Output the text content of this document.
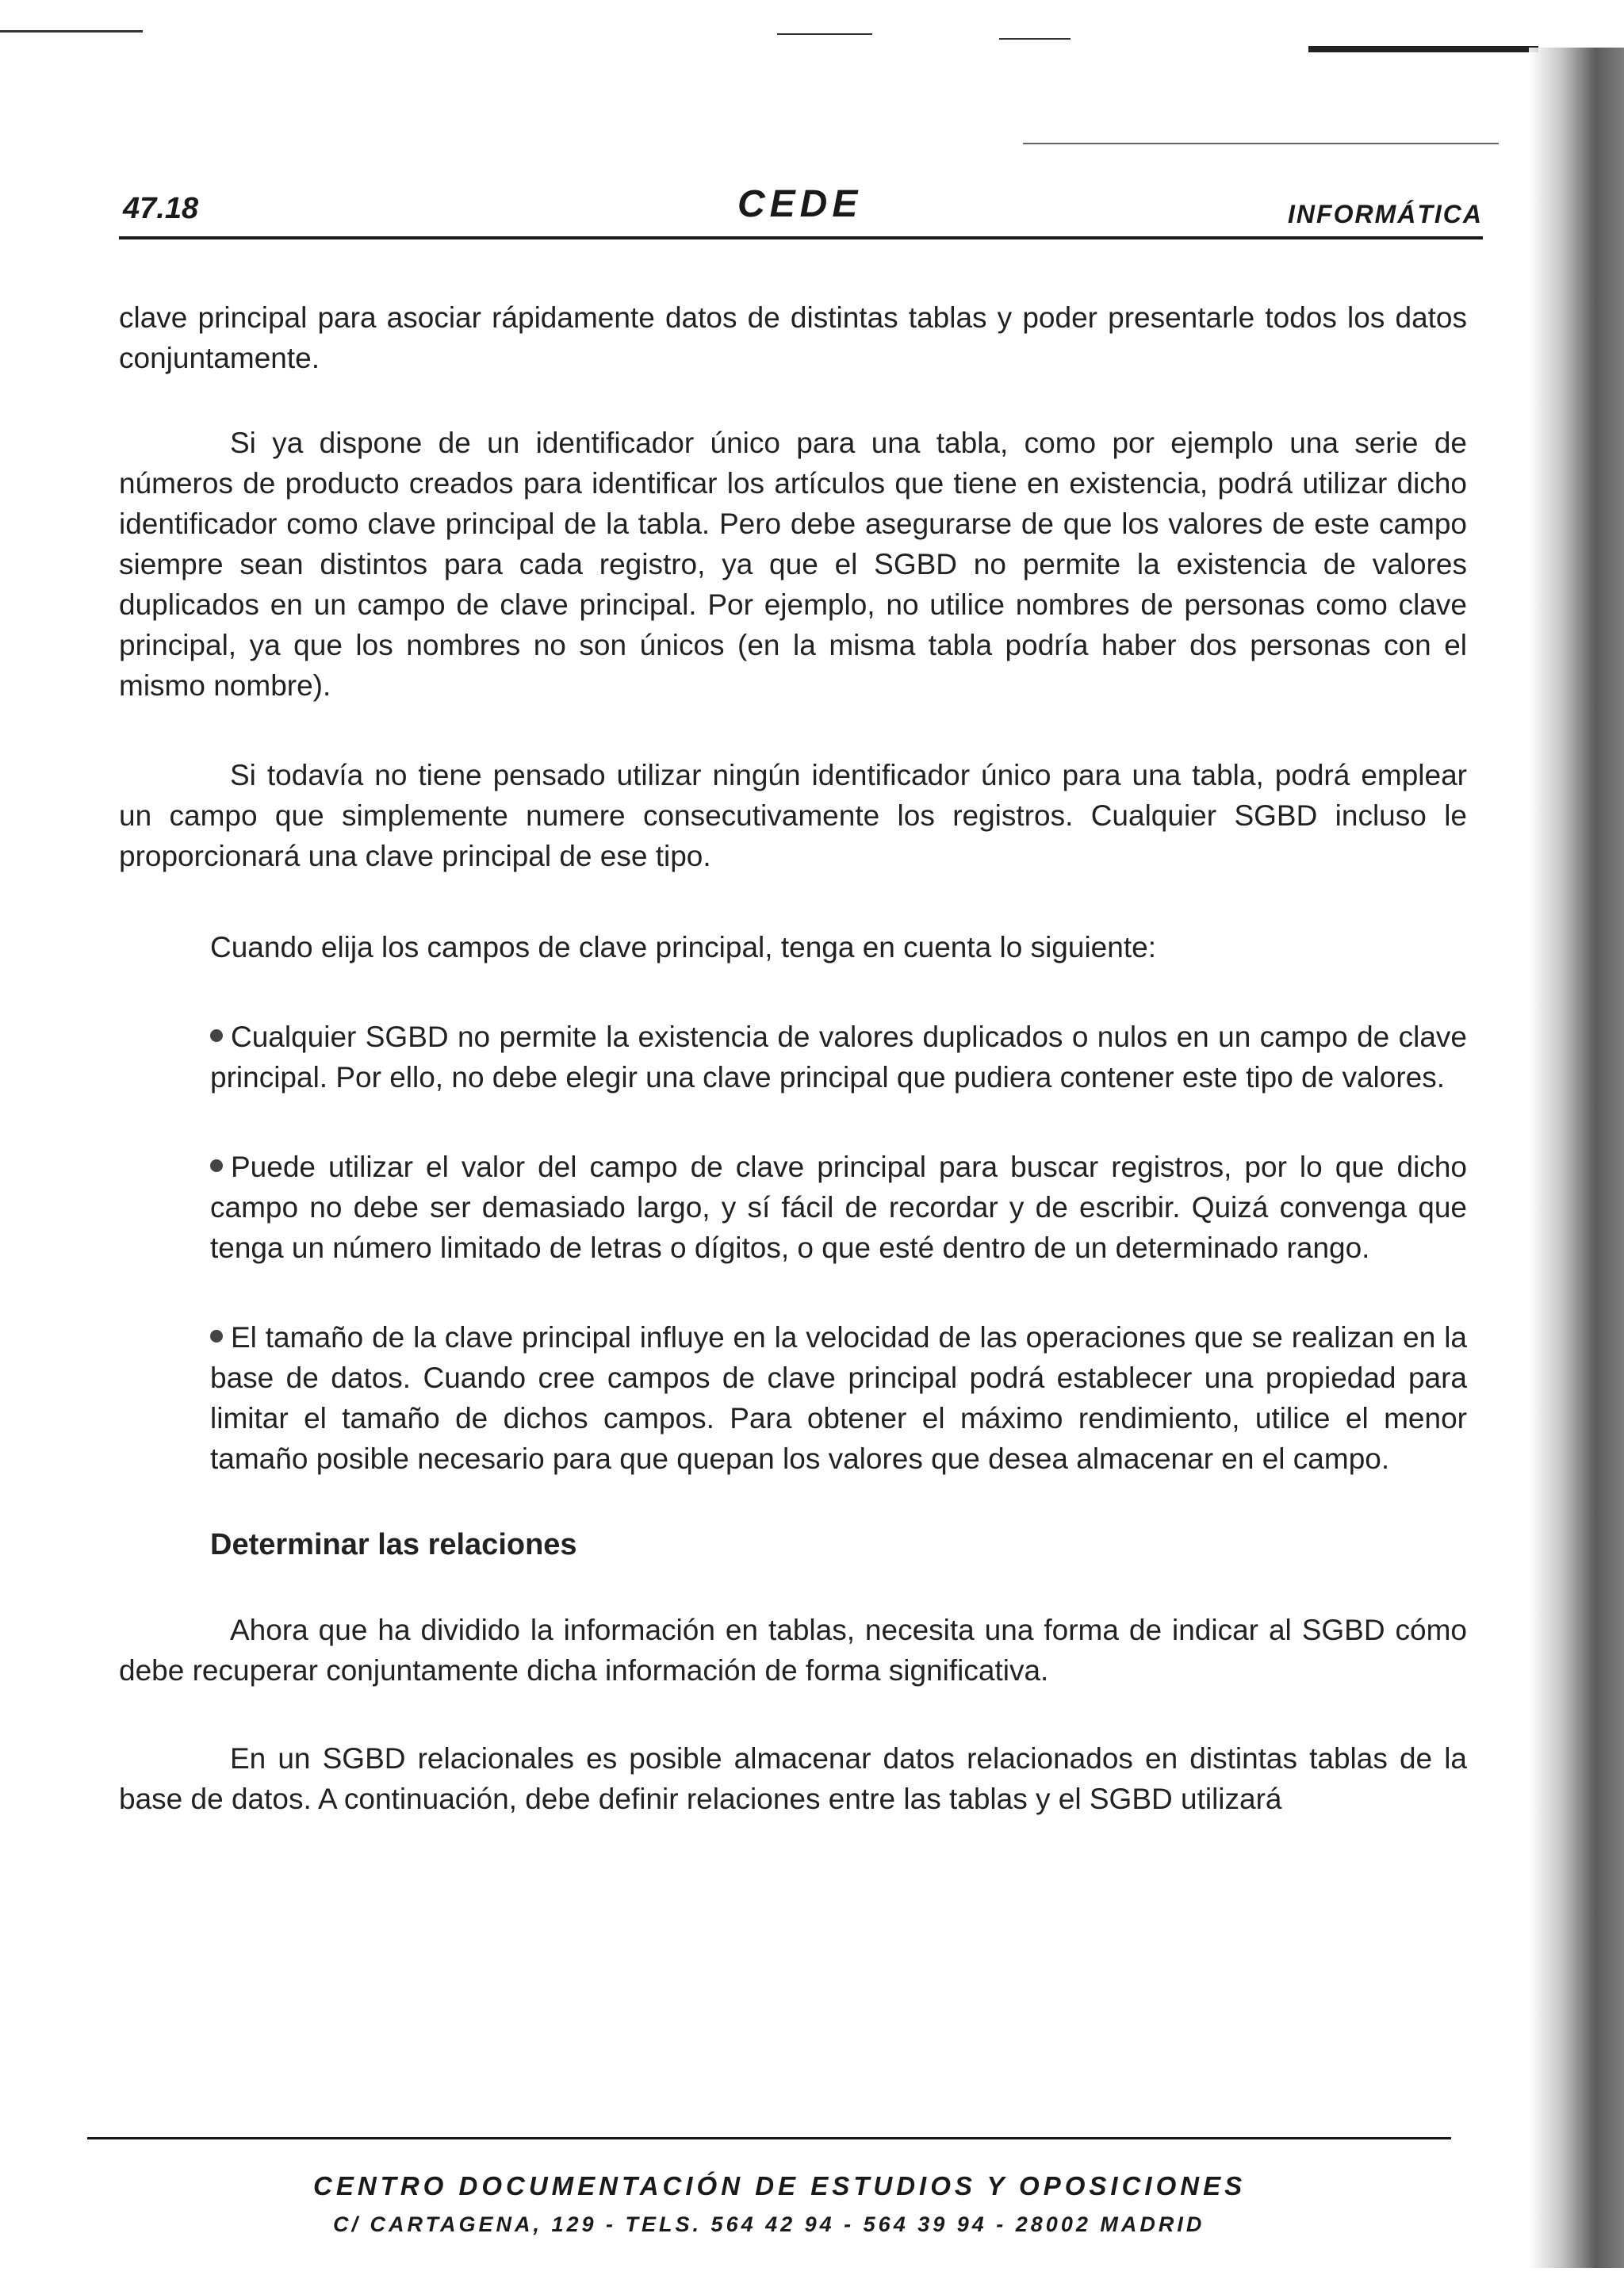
47.18	CEDE	INFORMÁTICA

clave principal para asociar rápidamente datos de distintas tablas y poder presentarle todos los datos conjuntamente.

Si ya dispone de un identificador único para una tabla, como por ejemplo una serie de números de producto creados para identificar los artículos que tiene en existencia, podrá utilizar dicho identificador como clave principal de la tabla. Pero debe asegurarse de que los valores de este campo siempre sean distintos para cada registro, ya que el SGBD no permite la existencia de valores duplicados en un campo de clave principal. Por ejemplo, no utilice nombres de personas como clave principal, ya que los nombres no son únicos (en la misma tabla podría haber dos personas con el mismo nombre).

Si todavía no tiene pensado utilizar ningún identificador único para una tabla, podrá emplear un campo que simplemente numere consecutivamente los registros. Cualquier SGBD incluso le proporcionará una clave principal de ese tipo.

Cuando elija los campos de clave principal, tenga en cuenta lo siguiente:

Cualquier SGBD no permite la existencia de valores duplicados o nulos en un campo de clave principal. Por ello, no debe elegir una clave principal que pudiera contener este tipo de valores.

Puede utilizar el valor del campo de clave principal para buscar registros, por lo que dicho campo no debe ser demasiado largo, y sí fácil de recordar y de escribir. Quizá convenga que tenga un número limitado de letras o dígitos, o que esté dentro de un determinado rango.

El tamaño de la clave principal influye en la velocidad de las operaciones que se realizan en la base de datos. Cuando cree campos de clave principal podrá establecer una propiedad para limitar el tamaño de dichos campos. Para obtener el máximo rendimiento, utilice el menor tamaño posible necesario para que quepan los valores que desea almacenar en el campo.

Determinar las relaciones

Ahora que ha dividido la información en tablas, necesita una forma de indicar al SGBD cómo debe recuperar conjuntamente dicha información de forma significativa.

En un SGBD relacionales es posible almacenar datos relacionados en distintas tablas de la base de datos. A continuación, debe definir relaciones entre las tablas y el SGBD utilizará

CENTRO DOCUMENTACIÓN DE ESTUDIOS Y OPOSICIONES
C/ CARTAGENA, 129 - TELS. 564 42 94 - 564 39 94 - 28002 MADRID
